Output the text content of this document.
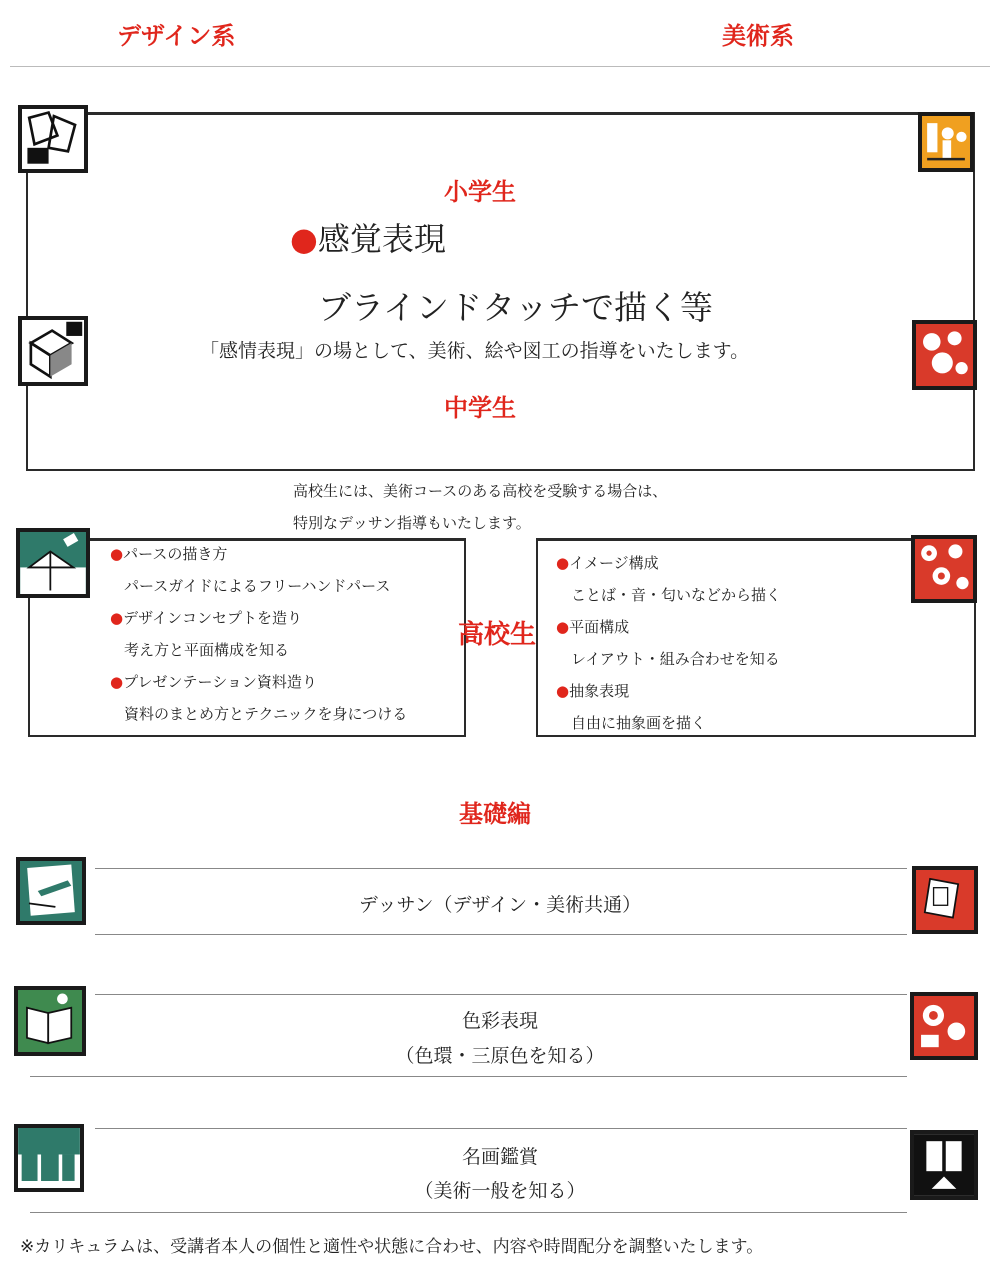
デザイン系	美術系
小学生
●感覚表現
ブラインドタッチで描く等
「感情表現」の場として、美術、絵や図工の指導をいたします。
中学生
高校生には、美術コースのある高校を受験する場合は、
特別なデッサン指導もいたします。
●パースの描き方
パースガイドによるフリーハンドパース
●デザインコンセプトを造り
考え方と平面構成を知る
●プレゼンテーション資料造り
資料のまとめ方とテクニックを身につける
高校生
●イメージ構成
ことば・音・匂いなどから描く
●平面構成
レイアウト・組み合わせを知る
●抽象表現
自由に抽象画を描く
基礎編
デッサン（デザイン・美術共通）
色彩表現
（色環・三原色を知る）
名画鑑賞
（美術一般を知る）
※カリキュラムは、受講者本人の個性と適性や状態に合わせ、内容や時間配分を調整いたします。
